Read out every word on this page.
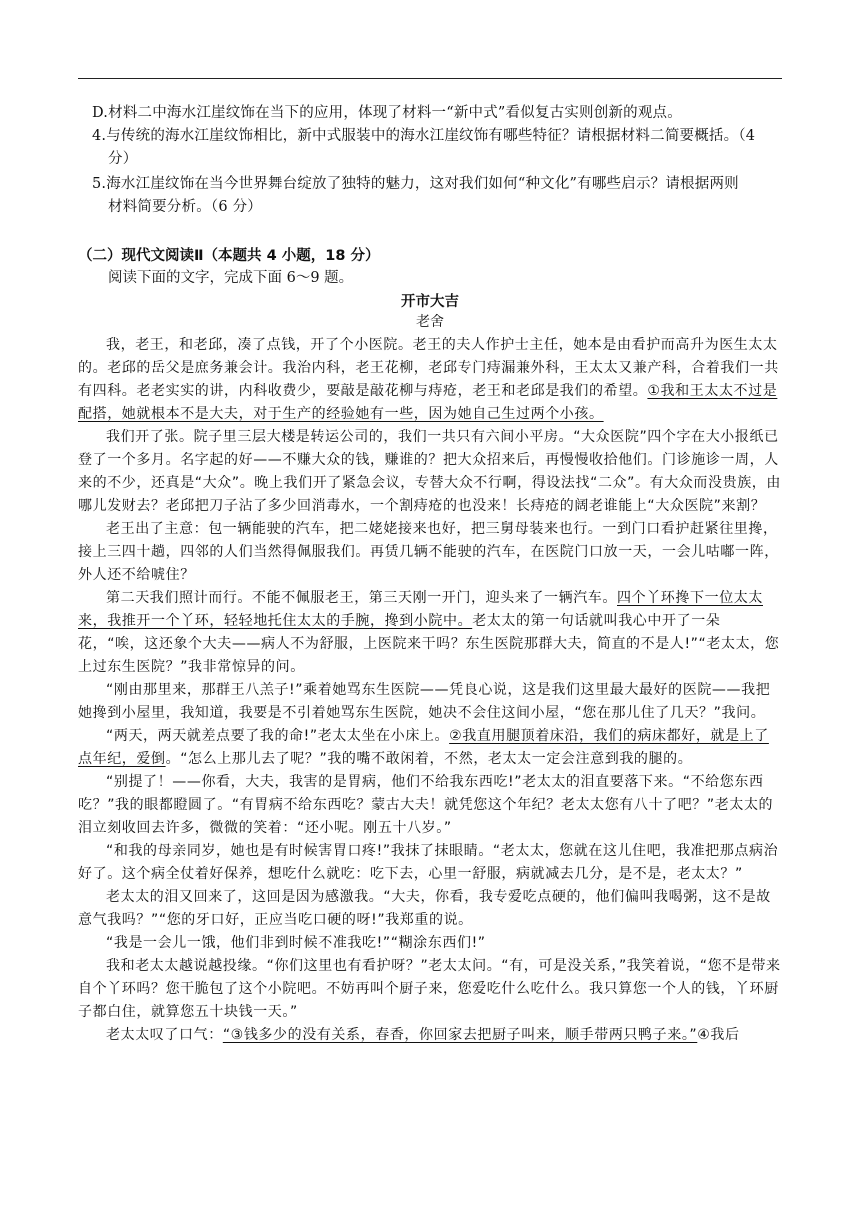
D.材料二中海水江崖纹饰在当下的应用，体现了材料一“新中式”看似复古实则创新的观点。
4.与传统的海水江崖纹饰相比，新中式服装中的海水江崖纹饰有哪些特征？请根据材料二简要概括。（4
分）
5.海水江崖纹饰在当今世界舞台绽放了独特的魅力，这对我们如何“种文化”有哪些启示？请根据两则
材料简要分析。（6 分）
（二）现代文阅读Ⅱ（本题共 4 小题，18 分）
阅读下面的文字，完成下面 6～9 题。
开市大吉
老舍

我，老王，和老邱，凑了点钱，开了个小医院。老王的夫人作护士主任，她本是由看护而高升为医生太太的。老邱的岳父是庶务兼会计。我治内科，老王花柳，老邱专门痔漏兼外科，王太太又兼产科，合着我们一共有四科。老老实实的讲，内科收费少，要敲是敲花柳与痔疮，老王和老邱是我们的希望。①我和王太太不过是配搭，她就根本不是大夫，对于生产的经验她有一些，因为她自己生过两个小孩。

我们开了张。院子里三层大楼是转运公司的，我们一共只有六间小平房。“大众医院”四个字在大小报纸已登了一个多月。名字起的好——不赚大众的钱，赚谁的？把大众招来后，再慢慢收拾他们。门诊施诊一周，人来的不少，还真是“大众”。晚上我们开了紧急会议，专替大众不行啊，得设法找“二众”。有大众而没贵族，由哪儿发财去？老邱把刀子沾了多少回消毒水，一个割痔疮的也没来！长痔疮的阔老谁能上“大众医院”来割？

老王出了主意：包一辆能驶的汽车，把二姥姥接来也好，把三舅母装来也行。一到门口看护赶紧往里搀，接上三四十趟，四邻的人们当然得佩服我们。再赁几辆不能驶的汽车，在医院门口放一天，一会儿咕嘟一阵，外人还不给唬住？

第二天我们照计而行。不能不佩服老王，第三天刚一开门，迎头来了一辆汽车。四个丫环搀下一位太太来，我推开一个丫环，轻轻地托住太太的手腕，搀到小院中。老太太的第一句话就叫我心中开了一朵花，“唉，这还象个大夫——病人不为舒服，上医院来干吗？东生医院那群大夫，简直的不是人!”“老太太，您上过东生医院？”我非常惊异的问。

“刚由那里来，那群王八羔子!”乘着她骂东生医院——凭良心说，这是我们这里最大最好的医院——我把她搀到小屋里，我知道，我要是不引着她骂东生医院，她决不会住这间小屋，“您在那儿住了几天？”我问。

“两天，两天就差点要了我的命!”老太太坐在小床上。②我直用腿顶着床沿，我们的病床都好，就是上了点年纪，爱倒。“怎么上那儿去了呢？”我的嘴不敢闲着，不然，老太太一定会注意到我的腿的。

“别提了！——你看，大夫，我害的是胃病，他们不给我东西吃!”老太太的泪直要落下来。“不给您东西吃？”我的眼都瞪圆了。“有胃病不给东西吃？蒙古大夫！就凭您这个年纪？老太太您有八十了吧？”老太太的泪立刻收回去许多，微微的笑着：“还小呢。刚五十八岁。”

“和我的母亲同岁，她也是有时候害胃口疼!”我抹了抹眼睛。“老太太，您就在这儿住吧，我准把那点病治好了。这个病全仗着好保养，想吃什么就吃：吃下去，心里一舒服，病就减去几分，是不是，老太太？”

老太太的泪又回来了，这回是因为感激我。“大夫，你看，我专爱吃点硬的，他们偏叫我喝粥，这不是故意气我吗？”“您的牙口好，正应当吃口硬的呀!”我郑重的说。

“我是一会儿一饿，他们非到时候不准我吃!”“糊涂东西们!”

我和老太太越说越投缘。“你们这里也有看护呀？”老太太问。“有，可是没关系，”我笑着说，“您不是带来自个丫环吗？您干脆包了这个小院吧。不妨再叫个厨子来，您爱吃什么吃什么。我只算您一个人的钱，丫环厨子都白住，就算您五十块钱一天。”

老太太叹了口气：“③钱多少的没有关系，春香，你回家去把厨子叫来，顺手带两只鸭子来。”④我后
